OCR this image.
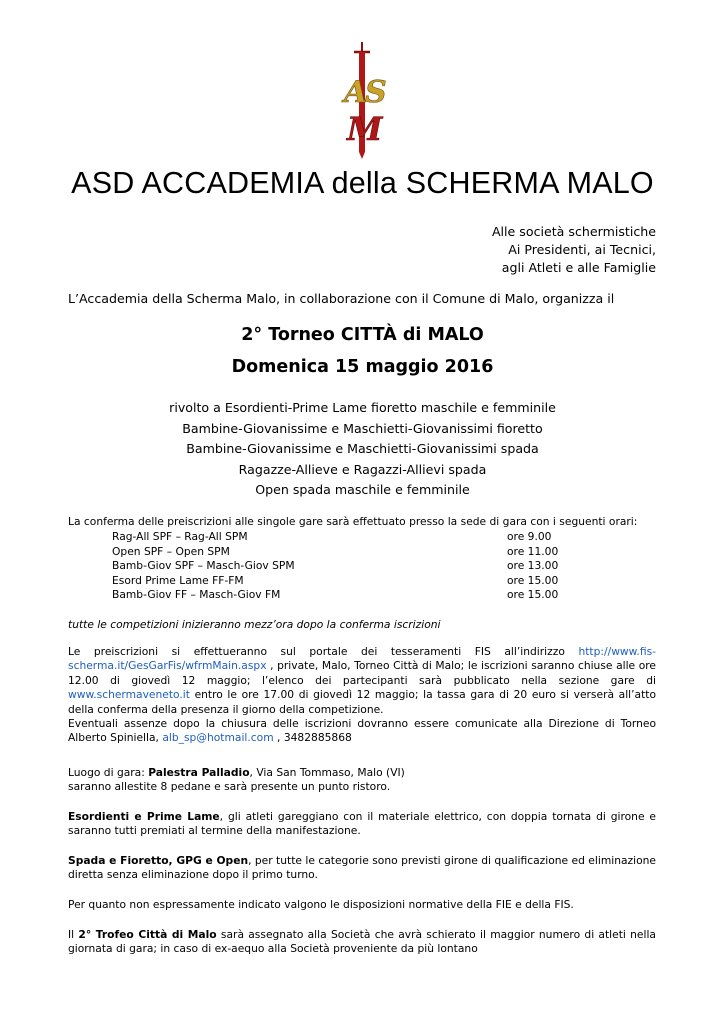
A
S
M
ASD ACCADEMIA della SCHERMA MALO
Alle società schermistiche
Ai Presidenti, ai Tecnici,
agli Atleti e alle Famiglie
L’Accademia della Scherma Malo, in collaborazione con il Comune di Malo, organizza il
2° Torneo CITTÀ di MALO
Domenica 15 maggio 2016
rivolto a Esordienti-Prime Lame fioretto maschile e femminile
Bambine-Giovanissime e Maschietti-Giovanissimi fioretto
Bambine-Giovanissime e Maschietti-Giovanissimi spada
Ragazze-Allieve e Ragazzi-Allievi spada
Open spada maschile e femminile
La conferma delle preiscrizioni alle singole gare sarà effettuato presso la sede di gara con i seguenti orari:
Rag-All SPF – Rag-All SPM	ore 9.00
Open SPF – Open SPM	ore 11.00
Bamb-Giov SPF – Masch-Giov SPM	ore 13.00
Esord Prime Lame FF-FM	ore 15.00
Bamb-Giov FF – Masch-Giov FM	ore 15.00
tutte le competizioni inizieranno mezz’ora dopo la conferma iscrizioni
Le preiscrizioni si effettueranno sul portale dei tesseramenti FIS all’indirizzo http://www.fis-scherma.it/GesGarFis/wfrmMain.aspx , private, Malo, Torneo Città di Malo; le iscrizioni saranno chiuse alle ore 12.00 di giovedì 12 maggio; l’elenco dei partecipanti sarà pubblicato nella sezione gare di www.schermaveneto.it entro le ore 17.00 di giovedì 12 maggio; la tassa gara di 20 euro si verserà all’atto della conferma della presenza il giorno della competizione.
Eventuali assenze dopo la chiusura delle iscrizioni dovranno essere comunicate alla Direzione di Torneo Alberto Spiniella, alb_sp@hotmail.com , 3482885868
Luogo di gara: Palestra Palladio, Via San Tommaso, Malo (VI)
saranno allestite 8 pedane e sarà presente un punto ristoro.
Esordienti e Prime Lame, gli atleti gareggiano con il materiale elettrico, con doppia tornata di girone e saranno tutti premiati al termine della manifestazione.
Spada e Fioretto, GPG e Open, per tutte le categorie sono previsti girone di qualificazione ed eliminazione diretta senza eliminazione dopo il primo turno.
Per quanto non espressamente indicato valgono le disposizioni normative della FIE e della FIS.
Il 2° Trofeo Città di Malo sarà assegnato alla Società che avrà schierato il maggior numero di atleti nella giornata di gara; in caso di ex-aequo alla Società proveniente da più lontano
